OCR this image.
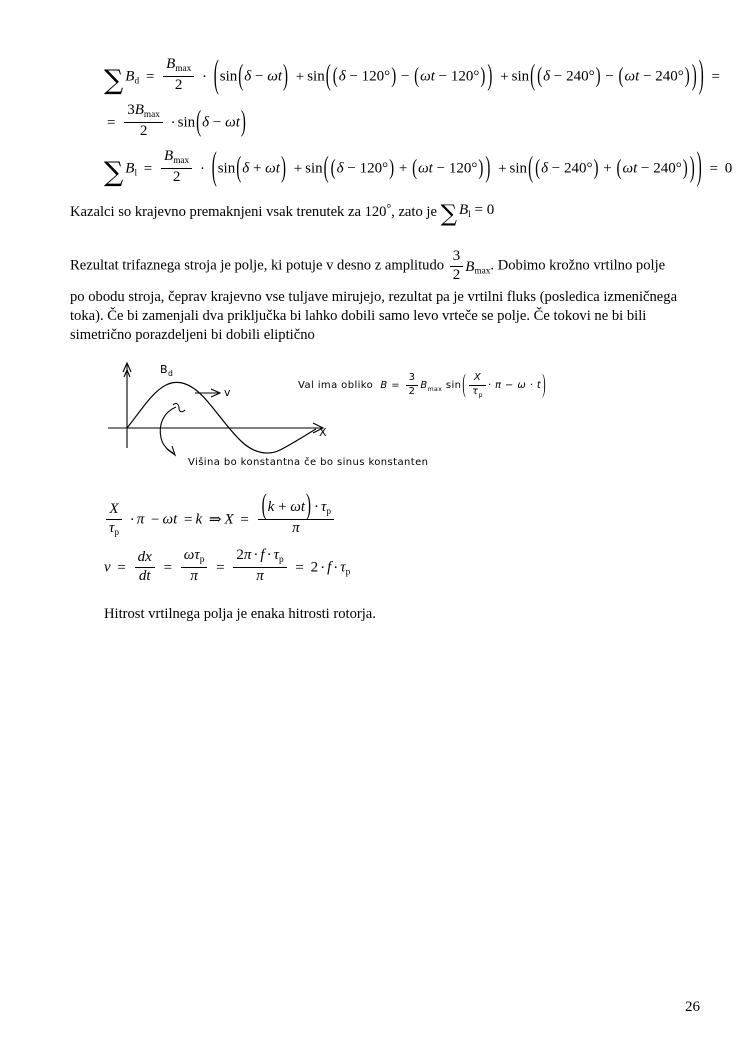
∑ $B_d = \frac{B_{max}}{2} \cdot (\sin(\delta - \omega t) + \sin$( (δ − 120°) − (ωt − 120°) ) + sin( (δ − 240°) − (ωt − 240°) ) ) =
= $\frac{3B_{max}}{2} \cdot \sin(\delta - \omega t)$
∑ $B_l = \frac{B_{max}}{2} \cdot (\sin(\delta + \omega t) + \sin$( (δ − 120°) + (ωt − 120°) ) + sin( (δ − 240°) + (ωt − 240°) ) ) = 0
Kazalci so krajevno premaknjeni vsak trenutek za 120°, zato je ∑ $B_l = 0$
Rezultat trifaznega stroja je polje, ki potuje v desno z amplitudo $\frac{3}{2} B_{max}$. Dobimo krožno vrtilno polje
po obodu stroja, čeprav krajevno vse tuljave mirujejo, rezultat pa je vrtilni fluks (posledica izmeničnega toka). Če bi zamenjali dva priključka bi lahko dobili samo levo vrteče se polje. Če tokovi ne bi bili simetrično porazdeljeni bi dobili eliptično
$B_d$
v
X
Višina bo konstantna če bo sinus konstanten
Val ima obliko $B = \frac{3}{2} B_{max}$ $\sin( \frac{X}{\tau_p} \cdot \pi - \omega \cdot t)$
$\frac{X}{\tau_p} \cdot \pi - \omega t = k$ ⇒ $X = \frac{(k + \omega t) \cdot \tau_p}{\pi}$
$v = \frac{dx}{dt} = \frac{\omega\tau_p}{\pi} = \frac{2\pi \cdot f \cdot \tau_p}{\pi} = 2 \cdot f \cdot \tau_p$
Hitrost vrtilnega polja je enaka hitrosti rotorja.
26
